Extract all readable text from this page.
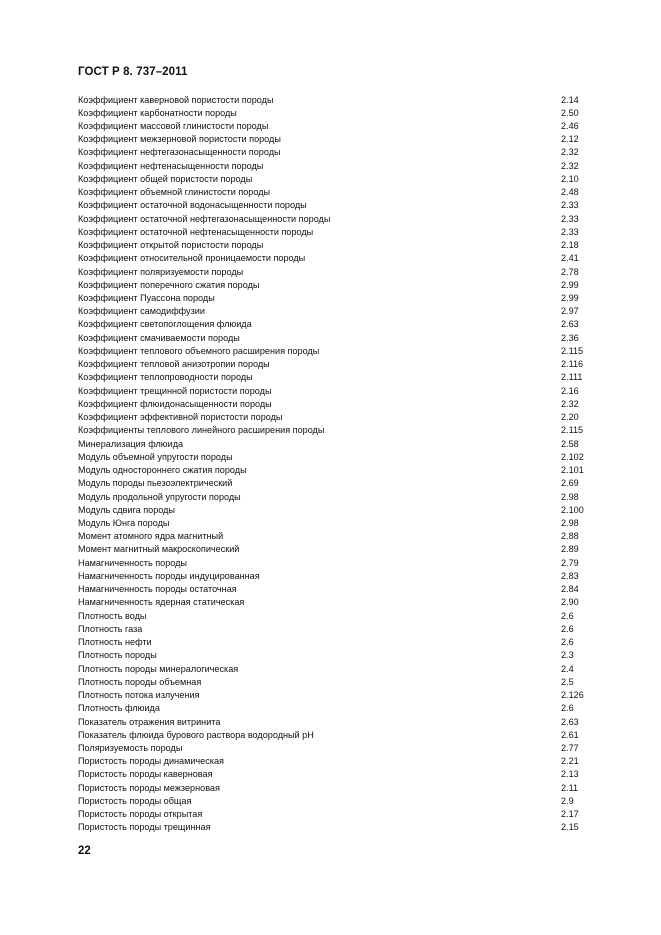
ГОСТ Р 8. 737–2011
Коэффициент каверновой пористости породы	2.14
Коэффициент карбонатности породы	2.50
Коэффициент массовой глинистости породы	2.46
Коэффициент межзерновой пористости породы	2.12
Коэффициент нефтегазонасыщенности породы	2.32
Коэффициент нефтенасыщенности породы	2.32
Коэффициент общей пористости породы	2.10
Коэффициент объемной глинистости породы	2.48
Коэффициент остаточной водонасыщенности породы	2.33
Коэффициент остаточной нефтегазонасыщенности породы	2.33
Коэффициент остаточной нефтенасыщенности породы	2.33
Коэффициент открытой пористости породы	2.18
Коэффициент относительной проницаемости породы	2.41
Коэффициент поляризуемости породы	2.78
Коэффициент поперечного сжатия породы	2.99
Коэффициент Пуассона породы	2.99
Коэффициент самодиффузии	2.97
Коэффициент светопоглощения флюида	2.63
Коэффициент смачиваемости породы	2.36
Коэффициент теплового объемного расширения породы	2.115
Коэффициент тепловой анизотропии породы	2.116
Коэффициент теплопроводности породы	2.111
Коэффициент трещинной пористости породы	2.16
Коэффициент флюидонасыщенности породы	2.32
Коэффициент эффективной пористости породы	2.20
Коэффициенты теплового линейного расширения породы	2.115
Минерализация флюида	2.58
Модуль объемной упругости породы	2.102
Модуль одностороннего сжатия породы	2.101
Модуль породы пьезоэлектрический	2.69
Модуль продольной упругости породы	2.98
Модуль сдвига породы	2.100
Модуль Юнга породы	2.98
Момент атомного ядра магнитный	2.88
Момент магнитный макроскопический	2.89
Намагниченность породы	2.79
Намагниченность породы индуцированная	2.83
Намагниченность породы остаточная	2.84
Намагниченность ядерная статическая	2.90
Плотность воды	2.6
Плотность газа	2.6
Плотность нефти	2.6
Плотность породы	2.3
Плотность породы минералогическая	2.4
Плотность породы объемная	2.5
Плотность потока излучения	2.126
Плотность флюида	2.6
Показатель отражения витринита	2.63
Показатель флюида бурового раствора водородный рН	2.61
Поляризуемость породы	2.77
Пористость породы динамическая	2.21
Пористость породы каверновая	2.13
Пористость породы межзерновая	2.11
Пористость породы общая	2.9
Пористость породы открытая	2.17
Пористость породы трещинная	2.15
22
